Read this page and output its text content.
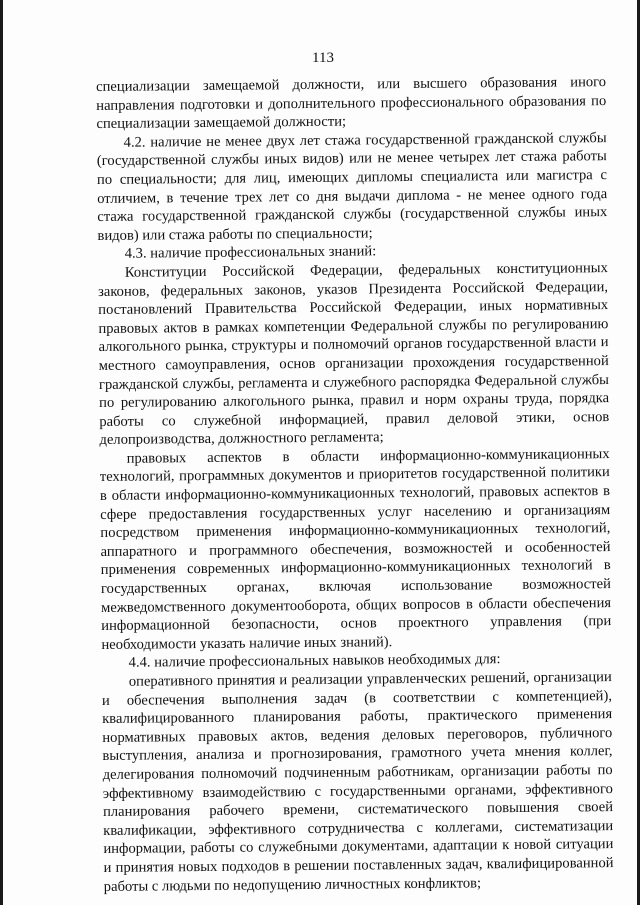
113

специализации замещаемой должности, или высшего образования иного направления подготовки и дополнительного профессионального образования по специализации замещаемой должности;

4.2. наличие не менее двух лет стажа государственной гражданской службы (государственной службы иных видов) или не менее четырех лет стажа работы по специальности; для лиц, имеющих дипломы специалиста или магистра с отличием, в течение трех лет со дня выдачи диплома - не менее одного года стажа государственной гражданской службы (государственной службы иных видов) или стажа работы по специальности;

4.3. наличие профессиональных знаний:

Конституции Российской Федерации, федеральных конституционных законов, федеральных законов, указов Президента Российской Федерации, постановлений Правительства Российской Федерации, иных нормативных правовых актов в рамках компетенции Федеральной службы по регулированию алкогольного рынка, структуры и полномочий органов государственной власти и местного самоуправления, основ организации прохождения государственной гражданской службы, регламента и служебного распорядка Федеральной службы по регулированию алкогольного рынка, правил и норм охраны труда, порядка работы со служебной информацией, правил деловой этики, основ делопроизводства, должностного регламента;

правовых аспектов в области информационно-коммуникационных технологий, программных документов и приоритетов государственной политики в области информационно-коммуникационных технологий, правовых аспектов в сфере предоставления государственных услуг населению и организациям посредством применения информационно-коммуникационных технологий, аппаратного и программного обеспечения, возможностей и особенностей применения современных информационно-коммуникационных технологий в государственных органах, включая использование возможностей межведомственного документооборота, общих вопросов в области обеспечения информационной безопасности, основ проектного управления (при необходимости указать наличие иных знаний).

4.4. наличие профессиональных навыков необходимых для:

оперативного принятия и реализации управленческих решений, организации и обеспечения выполнения задач (в соответствии с компетенцией), квалифицированного планирования работы, практического применения нормативных правовых актов, ведения деловых переговоров, публичного выступления, анализа и прогнозирования, грамотного учета мнения коллег, делегирования полномочий подчиненным работникам, организации работы по эффективному взаимодействию с государственными органами, эффективного планирования рабочего времени, систематического повышения своей квалификации, эффективного сотрудничества с коллегами, систематизации информации, работы со служебными документами, адаптации к новой ситуации и принятия новых подходов в решении поставленных задач, квалифицированной работы с людьми по недопущению личностных конфликтов;
